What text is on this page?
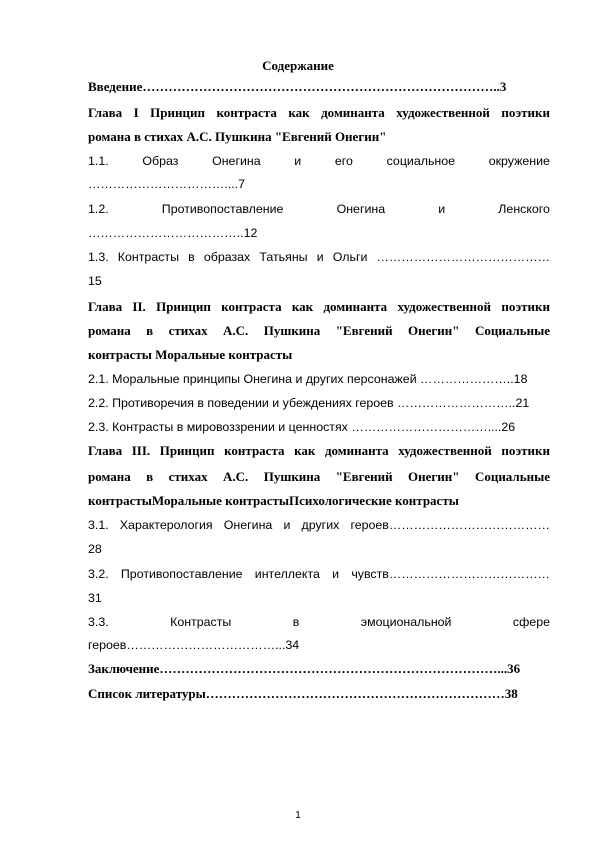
Содержание
Введение………………………………………………………………………..3
Глава I Принцип контраста как доминанта художественной поэтики
романа в стихах А.С. Пушкина "Евгений Онегин"
1.1.	Образ	Онегина	и	его	социальное	окружение
……………………………....7
1.2.	Противопоставление	Онегина	и	Ленского
………………………………..12
1.3. Контрасты в образах Татьяны и Ольги ……………………………………
15
Глава II. Принцип контраста как доминанта художественной поэтики
романа в стихах А.С. Пушкина "Евгений Онегин" Социальные
контрасты Моральные контрасты
2.1. Моральные принципы Онегина и других персонажей …………………..18
2.2. Противоречия в поведении и убеждениях героев ………………………..21
2.3. Контрасты в мировоззрении и ценностях ……………………………....26
Глава III. Принцип контраста как доминанта художественной поэтики
романа в стихах А.С. Пушкина "Евгений Онегин" Социальные
контрастыМоральные контрастыПсихологические контрасты
3.1. Характерология Онегина и других героев…………………………………
28
3.2. Противопоставление интеллекта и чувств…………………………………
31
3.3.	Контрасты	в	эмоциональной	сфере
героев………………………………...34
Заключение……………………………………………………………………...36
Список литературы……………………………………………………………38
1
